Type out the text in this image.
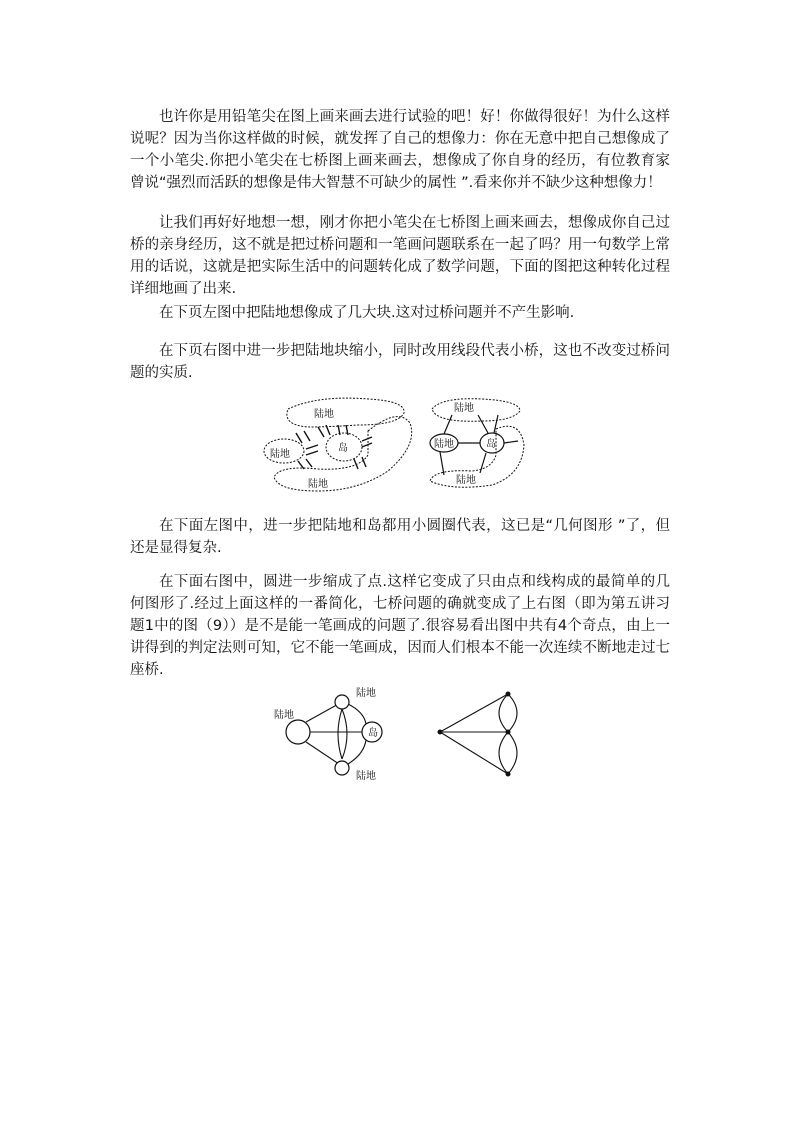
也许你是用铅笔尖在图上画来画去进行试验的吧！好！你做得很好！为什么这样说呢？因为当你这样做的时候，就发挥了自己的想像力：你在无意中把自己想像成了一个小笔尖.你把小笔尖在七桥图上画来画去，想像成了你自身的经历，有位教育家曾说“强烈而活跃的想像是伟大智慧不可缺少的属性 ”.看来你并不缺少这种想像力！

让我们再好好地想一想，刚才你把小笔尖在七桥图上画来画去，想像成你自己过桥的亲身经历，这不就是把过桥问题和一笔画问题联系在一起了吗？用一句数学上常用的话说，这就是把实际生活中的问题转化成了数学问题，下面的图把这种转化过程详细地画了出来.

在下页左图中把陆地想像成了几大块.这对过桥问题并不产生影响.

在下页右图中进一步把陆地块缩小，同时改用线段代表小桥，这也不改变过桥问题的实质.

陆地
陆地
岛
陆地
陆地
陆地	岛
陆地

在下面左图中，进一步把陆地和岛都用小圆圈代表，这已是“几何图形 ”了，但还是显得复杂.

在下面右图中，圆进一步缩成了点.这样它变成了只由点和线构成的最简单的几何图形了.经过上面这样的一番简化，七桥问题的确就变成了上右图（即为第五讲习题1中的图（9））是不是能一笔画成的问题了.很容易看出图中共有4个奇点，由上一讲得到的判定法则可知，它不能一笔画成，因而人们根本不能一次连续不断地走过七座桥.

陆地
陆地
岛
陆地
